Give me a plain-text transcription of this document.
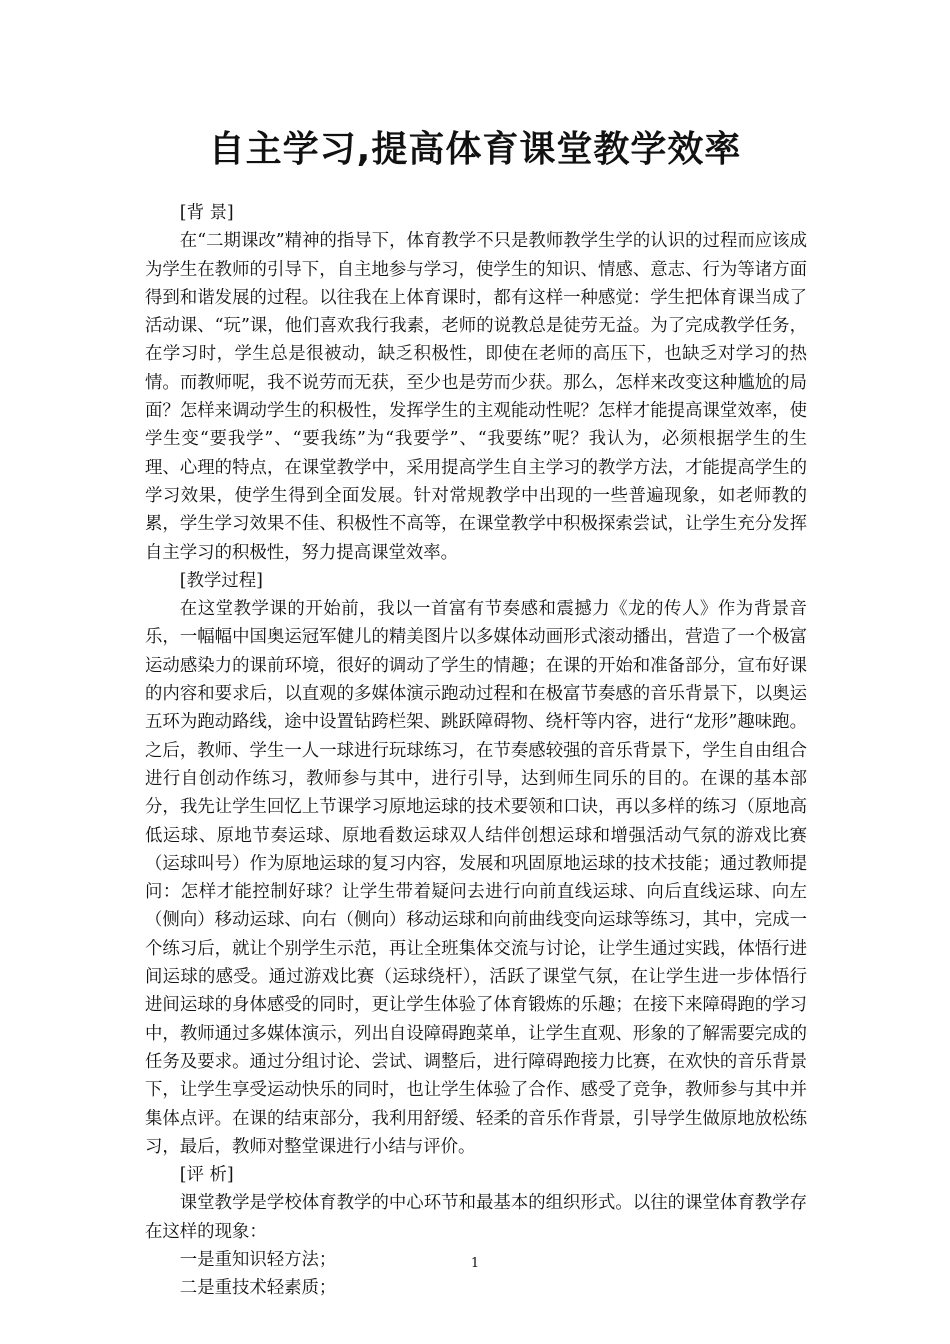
自主学习,提高体育课堂教学效率

[背 景]

在“二期课改”精神的指导下，体育教学不只是教师教学生学的认识的过程而应该成为学生在教师的引导下，自主地参与学习，使学生的知识、情感、意志、行为等诸方面得到和谐发展的过程。以往我在上体育课时，都有这样一种感觉：学生把体育课当成了活动课、“玩”课，他们喜欢我行我素，老师的说教总是徒劳无益。为了完成教学任务，在学习时，学生总是很被动，缺乏积极性，即使在老师的高压下，也缺乏对学习的热情。而教师呢，我不说劳而无获，至少也是劳而少获。那么，怎样来改变这种尴尬的局面？怎样来调动学生的积极性，发挥学生的主观能动性呢？怎样才能提高课堂效率，使学生变“要我学”、“要我练”为“我要学”、“我要练”呢？我认为，必须根据学生的生理、心理的特点，在课堂教学中，采用提高学生自主学习的教学方法，才能提高学生的学习效果，使学生得到全面发展。针对常规教学中出现的一些普遍现象，如老师教的累，学生学习效果不佳、积极性不高等，在课堂教学中积极探索尝试，让学生充分发挥自主学习的积极性，努力提高课堂效率。

[教学过程]

在这堂教学课的开始前，我以一首富有节奏感和震撼力《龙的传人》作为背景音乐，一幅幅中国奥运冠军健儿的精美图片以多媒体动画形式滚动播出，营造了一个极富运动感染力的课前环境，很好的调动了学生的情趣；在课的开始和准备部分，宣布好课的内容和要求后，以直观的多媒体演示跑动过程和在极富节奏感的音乐背景下，以奥运五环为跑动路线，途中设置钻跨栏架、跳跃障碍物、绕杆等内容，进行“龙形”趣味跑。之后，教师、学生一人一球进行玩球练习，在节奏感较强的音乐背景下，学生自由组合进行自创动作练习，教师参与其中，进行引导，达到师生同乐的目的。在课的基本部分，我先让学生回忆上节课学习原地运球的技术要领和口诀，再以多样的练习（原地高低运球、原地节奏运球、原地看数运球双人结伴创想运球和增强活动气氛的游戏比赛（运球叫号）作为原地运球的复习内容，发展和巩固原地运球的技术技能；通过教师提问：怎样才能控制好球？让学生带着疑问去进行向前直线运球、向后直线运球、向左（侧向）移动运球、向右（侧向）移动运球和向前曲线变向运球等练习，其中，完成一个练习后，就让个别学生示范，再让全班集体交流与讨论，让学生通过实践，体悟行进间运球的感受。通过游戏比赛（运球绕杆），活跃了课堂气氛，在让学生进一步体悟行进间运球的身体感受的同时，更让学生体验了体育锻炼的乐趣；在接下来障碍跑的学习中，教师通过多媒体演示，列出自设障碍跑菜单，让学生直观、形象的了解需要完成的任务及要求。通过分组讨论、尝试、调整后，进行障碍跑接力比赛，在欢快的音乐背景下，让学生享受运动快乐的同时，也让学生体验了合作、感受了竞争，教师参与其中并集体点评。在课的结束部分，我利用舒缓、轻柔的音乐作背景，引导学生做原地放松练习，最后，教师对整堂课进行小结与评价。

[评 析]

课堂教学是学校体育教学的中心环节和最基本的组织形式。以往的课堂体育教学存在这样的现象：

一是重知识轻方法；

二是重技术轻素质；

1
